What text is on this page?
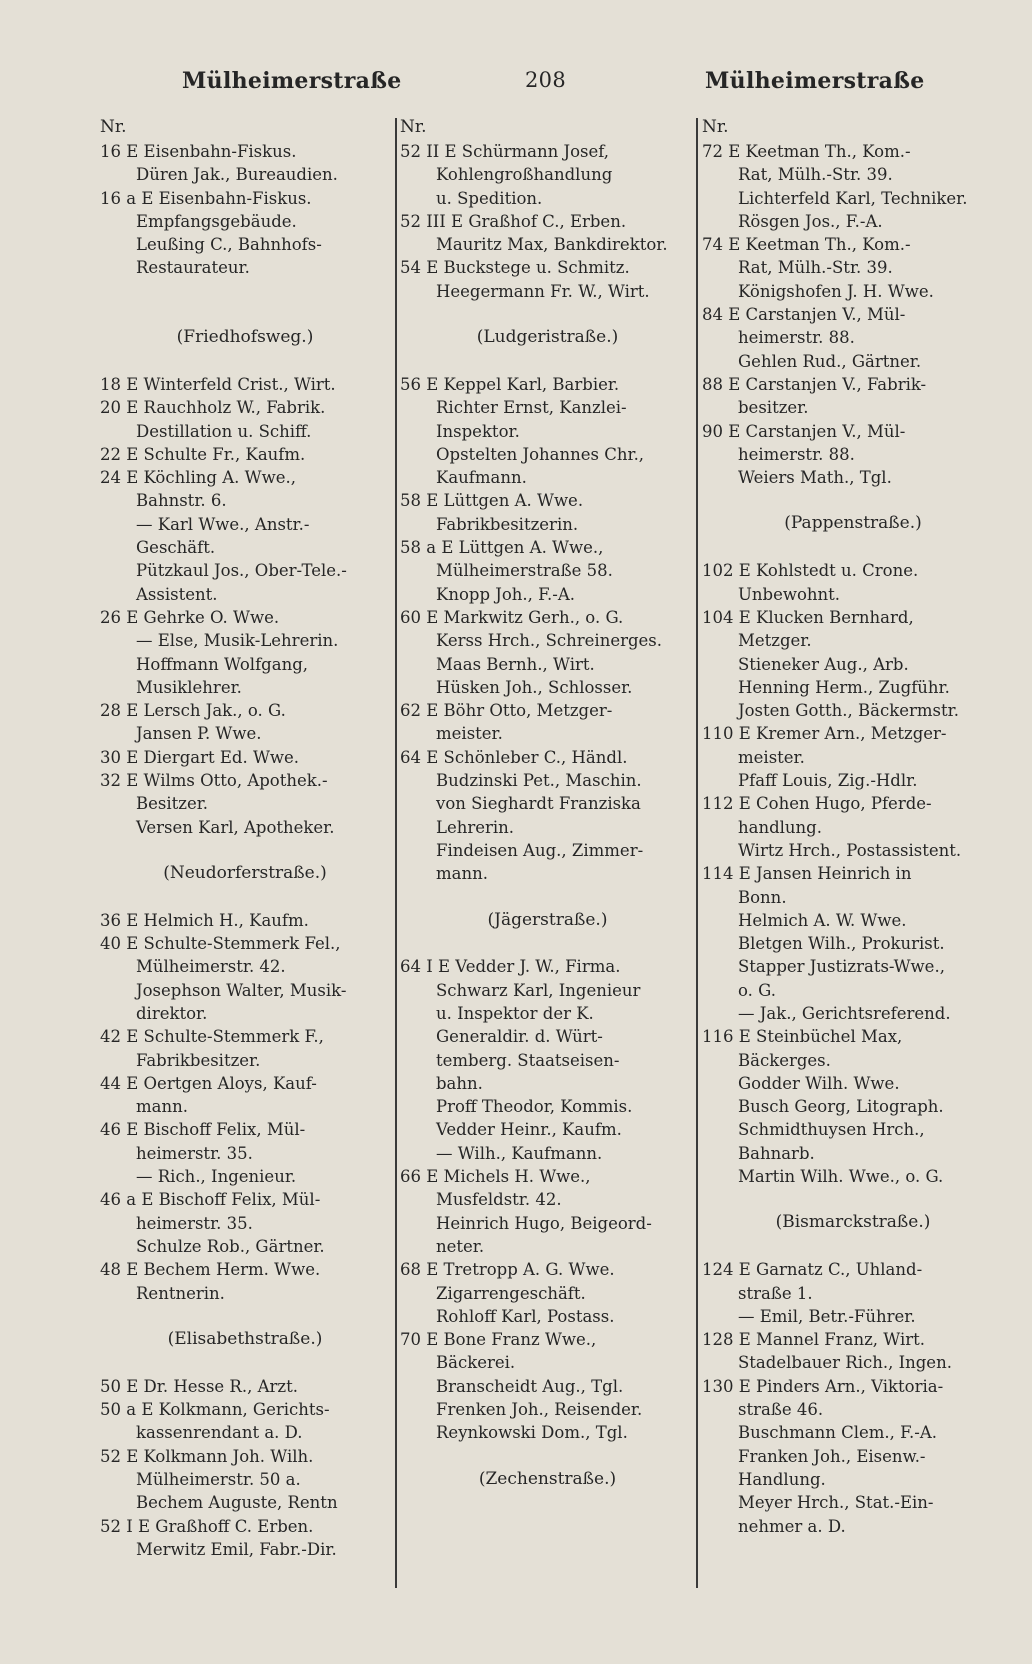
Mülheimerstraße	208	Mülheimerstraße
Nr.
16 E Eisenbahn-Fiskus.
Düren Jak., Bureaudien.
16 a E Eisenbahn-Fiskus.
Empfangsgebäude.
Leußing C., Bahnhofs-
Restaurateur.
(Friedhofsweg.)
18 E Winterfeld Crist., Wirt.
20 E Rauchholz W., Fabrik.
Destillation u. Schiff.
22 E Schulte Fr., Kaufm.
24 E Köchling A. Wwe.,
Bahnstr. 6.
— Karl Wwe., Anstr.-
Geschäft.
Pützkaul Jos., Ober-Tele.-
Assistent.
26 E Gehrke O. Wwe.
— Else, Musik-Lehrerin.
Hoffmann Wolfgang,
Musiklehrer.
28 E Lersch Jak., o. G.
Jansen P. Wwe.
30 E Diergart Ed. Wwe.
32 E Wilms Otto, Apothek.-
Besitzer.
Versen Karl, Apotheker.
(Neudorferstraße.)
36 E Helmich H., Kaufm.
40 E Schulte-Stemmerk Fel.,
Mülheimerstr. 42.
Josephson Walter, Musik-
direktor.
42 E Schulte-Stemmerk F.,
Fabrikbesitzer.
44 E Oertgen Aloys, Kauf-
mann.
46 E Bischoff Felix, Mül-
heimerstr. 35.
— Rich., Ingenieur.
46 a E Bischoff Felix, Mül-
heimerstr. 35.
Schulze Rob., Gärtner.
48 E Bechem Herm. Wwe.
Rentnerin.
(Elisabethstraße.)
50 E Dr. Hesse R., Arzt.
50 a E Kolkmann, Gerichts-
kassenrendant a. D.
52 E Kolkmann Joh. Wilh.
Mülheimerstr. 50 a.
Bechem Auguste, Rentn
52 I E Graßhoff C. Erben.
Merwitz Emil, Fabr.-Dir.
Nr.
52 II E Schürmann Josef,
Kohlengroßhandlung
u. Spedition.
52 III E Graßhof C., Erben.
Mauritz Max, Bankdirektor.
54 E Buckstege u. Schmitz.
Heegermann Fr. W., Wirt.
(Ludgeristraße.)
56 E Keppel Karl, Barbier.
Richter Ernst, Kanzlei-
Inspektor.
Opstelten Johannes Chr.,
Kaufmann.
58 E Lüttgen A. Wwe.
Fabrikbesitzerin.
58 a E Lüttgen A. Wwe.,
Mülheimerstraße 58.
Knopp Joh., F.-A.
60 E Markwitz Gerh., o. G.
Kerss Hrch., Schreinerges.
Maas Bernh., Wirt.
Hüsken Joh., Schlosser.
62 E Böhr Otto, Metzger-
meister.
64 E Schönleber C., Händl.
Budzinski Pet., Maschin.
von Sieghardt Franziska
Lehrerin.
Findeisen Aug., Zimmer-
mann.
(Jägerstraße.)
64 I E Vedder J. W., Firma.
Schwarz Karl, Ingenieur
u. Inspektor der K.
Generaldir. d. Würt-
temberg. Staatseisen-
bahn.
Proff Theodor, Kommis.
Vedder Heinr., Kaufm.
— Wilh., Kaufmann.
66 E Michels H. Wwe.,
Musfeldstr. 42.
Heinrich Hugo, Beigeord-
neter.
68 E Tretropp A. G. Wwe.
Zigarrengeschäft.
Rohloff Karl, Postass.
70 E Bone Franz Wwe.,
Bäckerei.
Branscheidt Aug., Tgl.
Frenken Joh., Reisender.
Reynkowski Dom., Tgl.
(Zechenstraße.)
Nr.
72 E Keetman Th., Kom.-
Rat, Mülh.-Str. 39.
Lichterfeld Karl, Techniker.
Rösgen Jos., F.-A.
74 E Keetman Th., Kom.-
Rat, Mülh.-Str. 39.
Königshofen J. H. Wwe.
84 E Carstanjen V., Mül-
heimerstr. 88.
Gehlen Rud., Gärtner.
88 E Carstanjen V., Fabrik-
besitzer.
90 E Carstanjen V., Mül-
heimerstr. 88.
Weiers Math., Tgl.
(Pappenstraße.)
102 E Kohlstedt u. Crone.
Unbewohnt.
104 E Klucken Bernhard,
Metzger.
Stieneker Aug., Arb.
Henning Herm., Zugführ.
Josten Gotth., Bäckermstr.
110 E Kremer Arn., Metzger-
meister.
Pfaff Louis, Zig.-Hdlr.
112 E Cohen Hugo, Pferde-
handlung.
Wirtz Hrch., Postassistent.
114 E Jansen Heinrich in
Bonn.
Helmich A. W. Wwe.
Bletgen Wilh., Prokurist.
Stapper Justizrats-Wwe.,
o. G.
— Jak., Gerichtsreferend.
116 E Steinbüchel Max,
Bäckerges.
Godder Wilh. Wwe.
Busch Georg, Litograph.
Schmidthuysen Hrch.,
Bahnarb.
Martin Wilh. Wwe., o. G.
(Bismarckstraße.)
124 E Garnatz C., Uhland-
straße 1.
— Emil, Betr.-Führer.
128 E Mannel Franz, Wirt.
Stadelbauer Rich., Ingen.
130 E Pinders Arn., Viktoria-
straße 46.
Buschmann Clem., F.-A.
Franken Joh., Eisenw.-
Handlung.
Meyer Hrch., Stat.-Ein-
nehmer a. D.
